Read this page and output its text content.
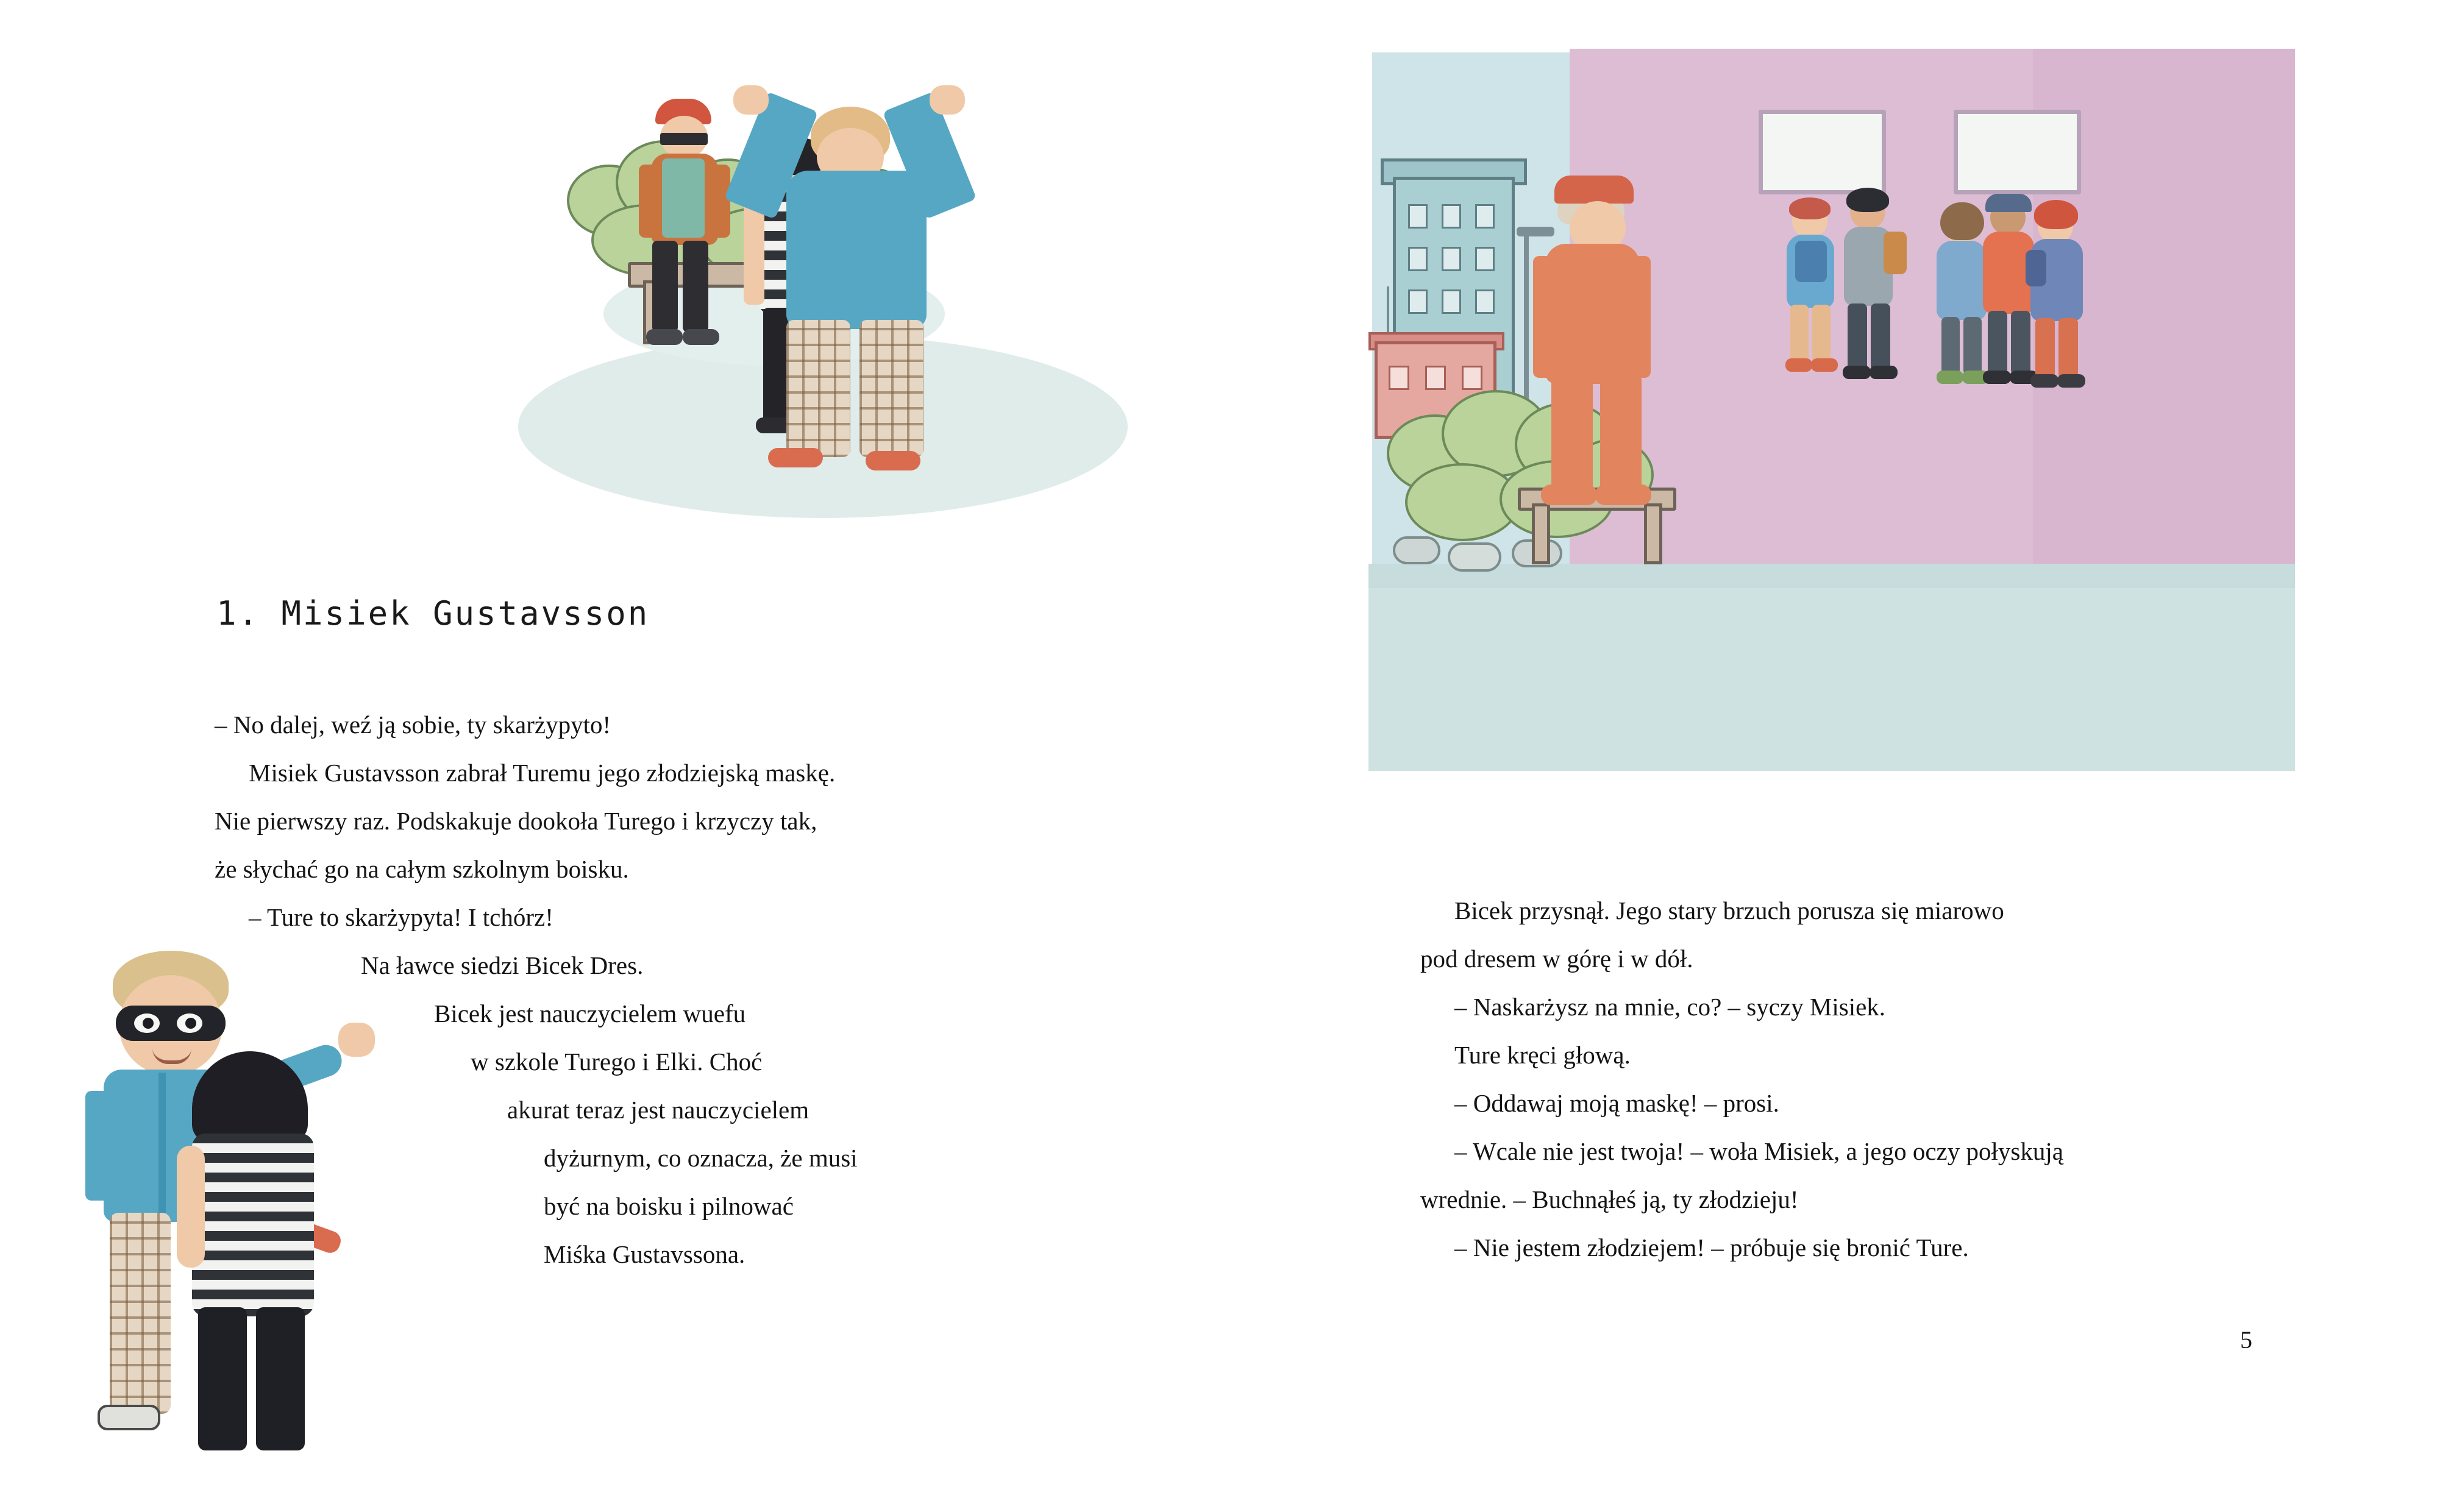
1. Misiek Gustavsson

– No dalej, weź ją sobie, ty skarżypyto!

Misiek Gustavsson zabrał Turemu jego złodziejską maskę.

Nie pierwszy raz. Podskakuje dookoła Turego i krzyczy tak,

że słychać go na całym szkolnym boisku.

– Ture to skarżypyta! I tchórz!

Na ławce siedzi Bicek Dres.

Bicek jest nauczycielem wuefu

w szkole Turego i Elki. Choć

akurat teraz jest nauczycielem

dyżurnym, co oznacza, że musi

być na boisku i pilnować

Miśka Gustavssona.

Bicek przysnął. Jego stary brzuch porusza się miarowo

pod dresem w górę i w dół.

– Naskarżysz na mnie, co? – syczy Misiek.

Ture kręci głową.

– Oddawaj moją maskę! – prosi.

– Wcale nie jest twoja! – woła Misiek, a jego oczy połyskują

wrednie. – Buchnąłeś ją, ty złodzieju!

– Nie jestem złodziejem! – próbuje się bronić Ture.

5
